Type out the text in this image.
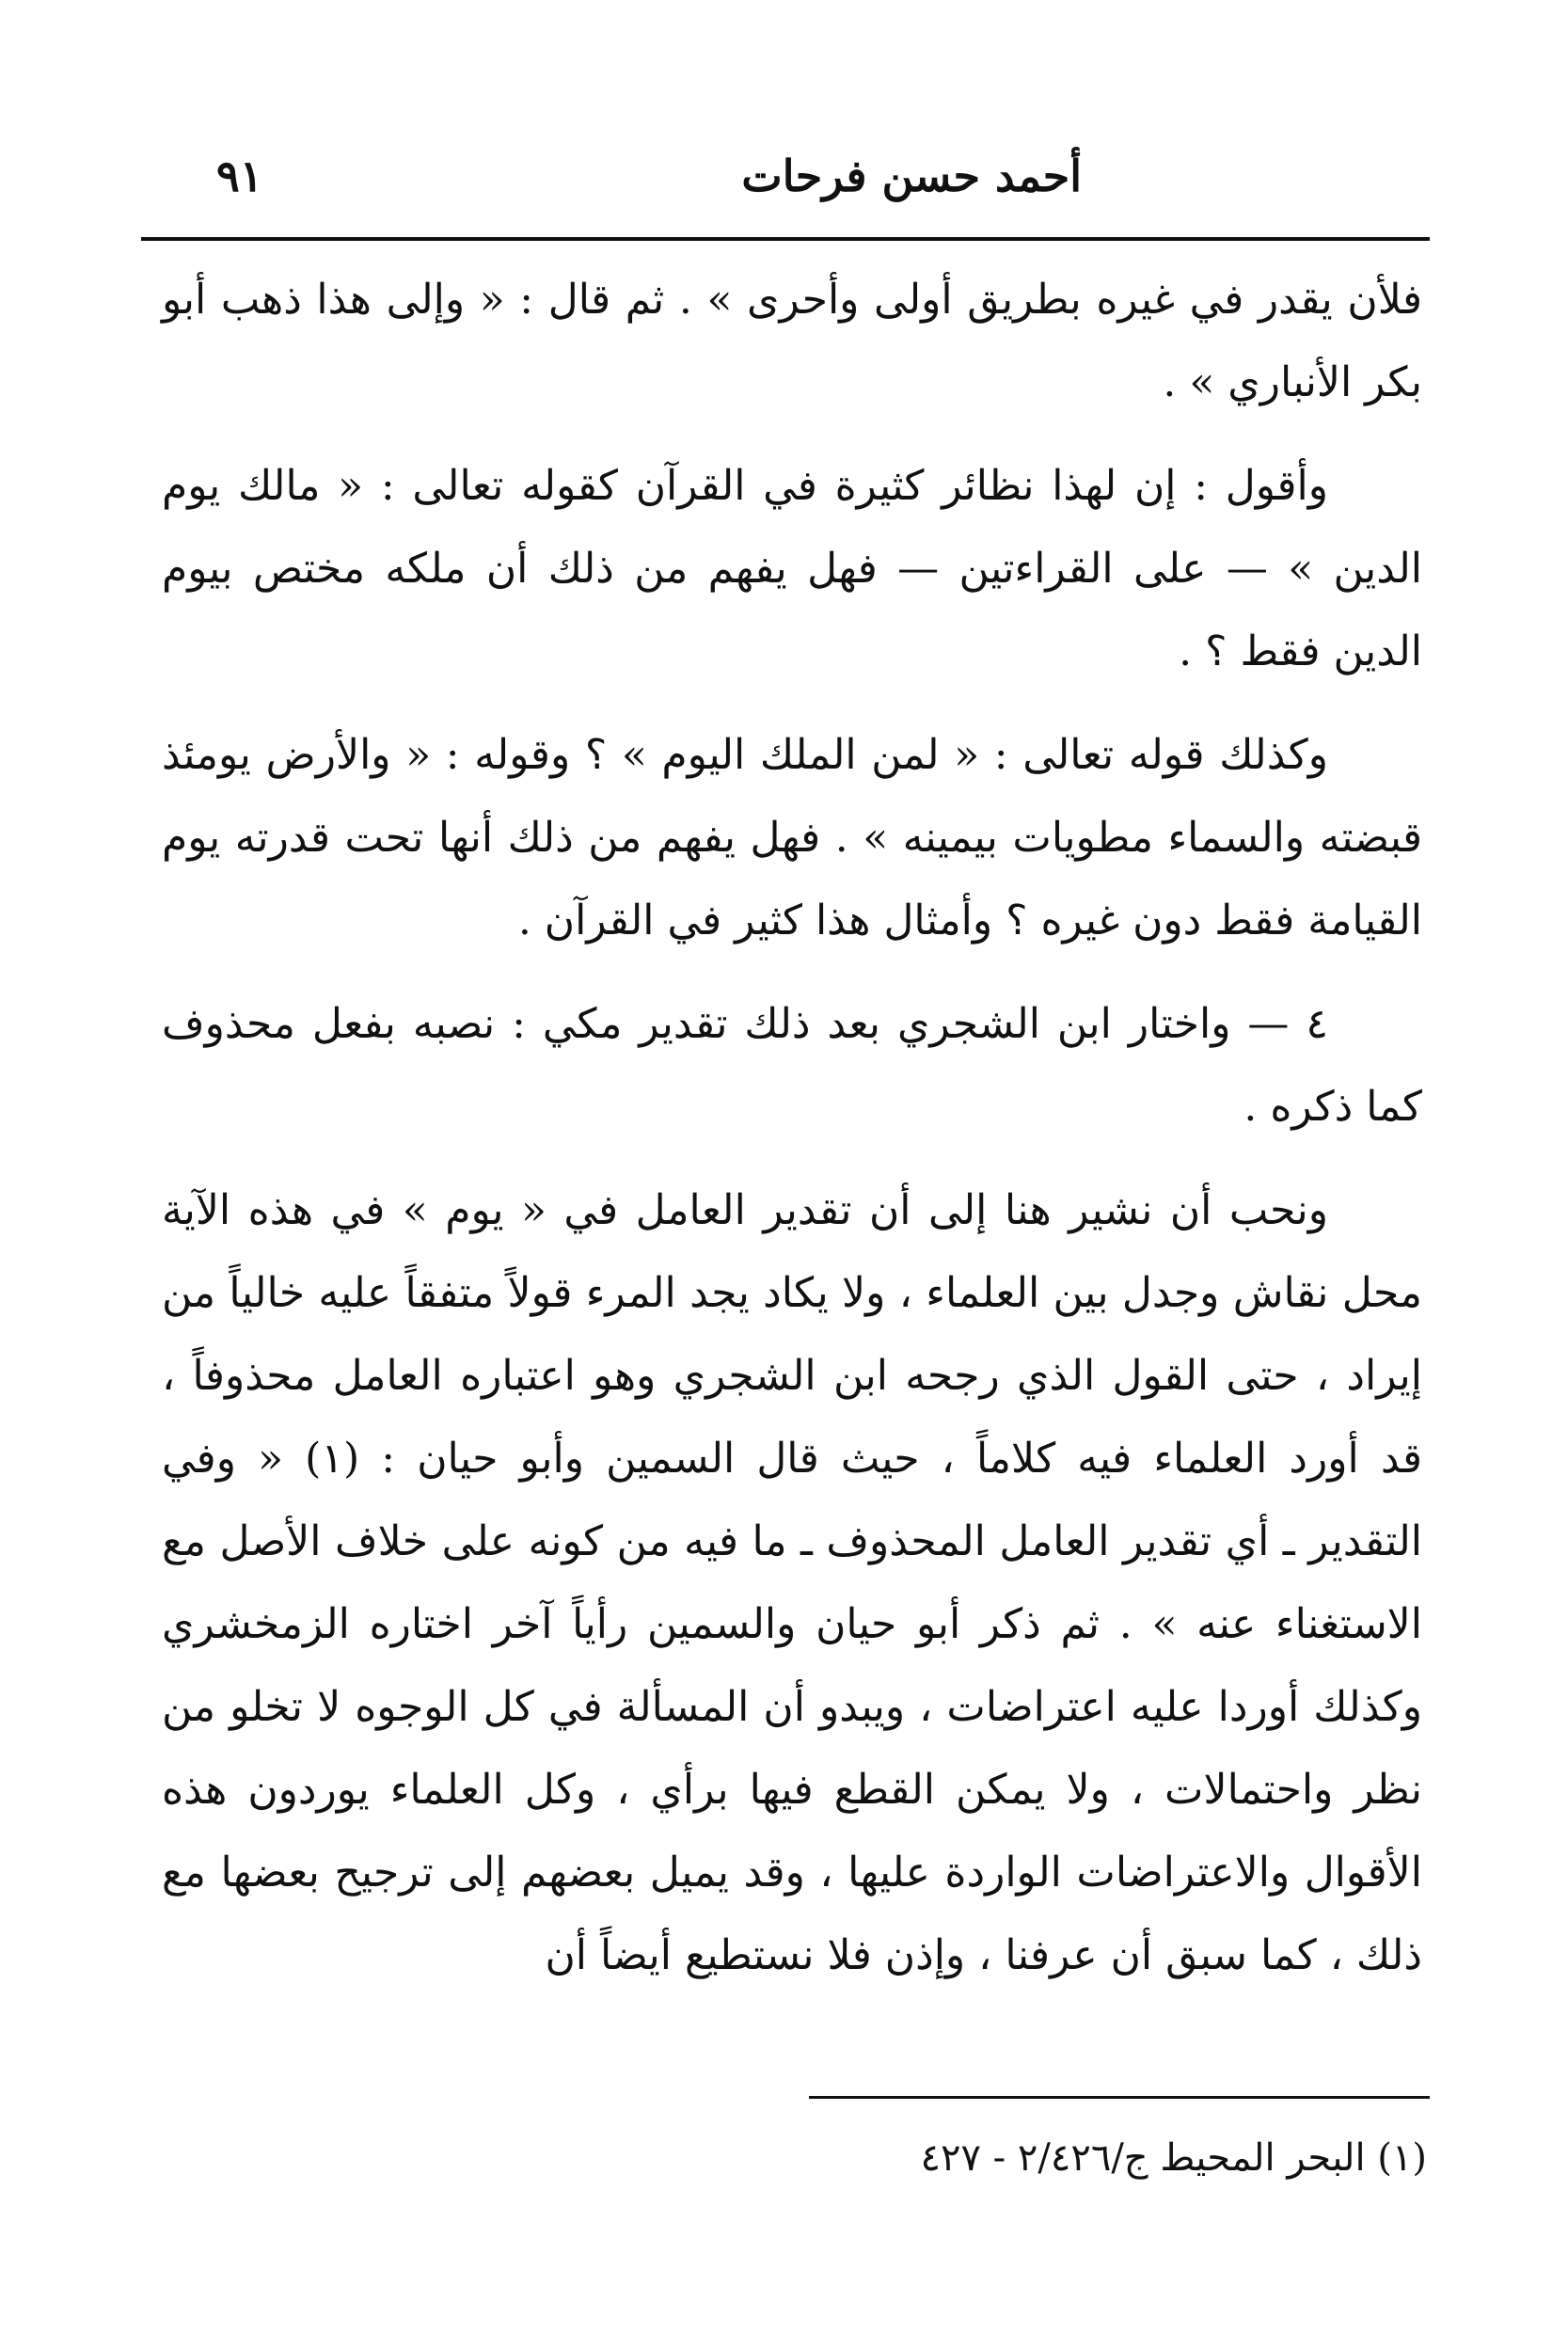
أحمد حسن فرحات
٩١

فلأن يقدر في غيره بطريق أولى وأحرى » . ثم قال : « وإلى هذا ذهب أبو بكر الأنباري » .

وأقول : إن لهذا نظائر كثيرة في القرآن كقوله تعالى : « مالك يوم الدين » — على القراءتين — فهل يفهم من ذلك أن ملكه مختص بيوم الدين فقط ؟ .

وكذلك قوله تعالى : « لمن الملك اليوم » ؟ وقوله : « والأرض يومئذ قبضته والسماء مطويات بيمينه » . فهل يفهم من ذلك أنها تحت قدرته يوم القيامة فقط دون غيره ؟ وأمثال هذا كثير في القرآن .

٤ — واختار ابن الشجري بعد ذلك تقدير مكي : نصبه بفعل محذوف كما ذكره .

ونحب أن نشير هنا إلى أن تقدير العامل في « يوم » في هذه الآية محل نقاش وجدل بين العلماء ، ولا يكاد يجد المرء قولاً متفقاً عليه خالياً من إيراد ، حتى القول الذي رجحه ابن الشجري وهو اعتباره العامل محذوفاً ، قد أورد العلماء فيه كلاماً ، حيث قال السمين وأبو حيان : (١) « وفي التقدير ـ أي تقدير العامل المحذوف ـ ما فيه من كونه على خلاف الأصل مع الاستغناء عنه » . ثم ذكر أبو حيان والسمين رأياً آخر اختاره الزمخشري وكذلك أوردا عليه اعتراضات ، ويبدو أن المسألة في كل الوجوه لا تخلو من نظر واحتمالات ، ولا يمكن القطع فيها برأي ، وكل العلماء يوردون هذه الأقوال والاعتراضات الواردة عليها ، وقد يميل بعضهم إلى ترجيح بعضها مع ذلك ، كما سبق أن عرفنا ، وإذن فلا نستطيع أيضاً أن

(١) البحر المحيط ج/٢/٤٢٦ - ٤٢٧
